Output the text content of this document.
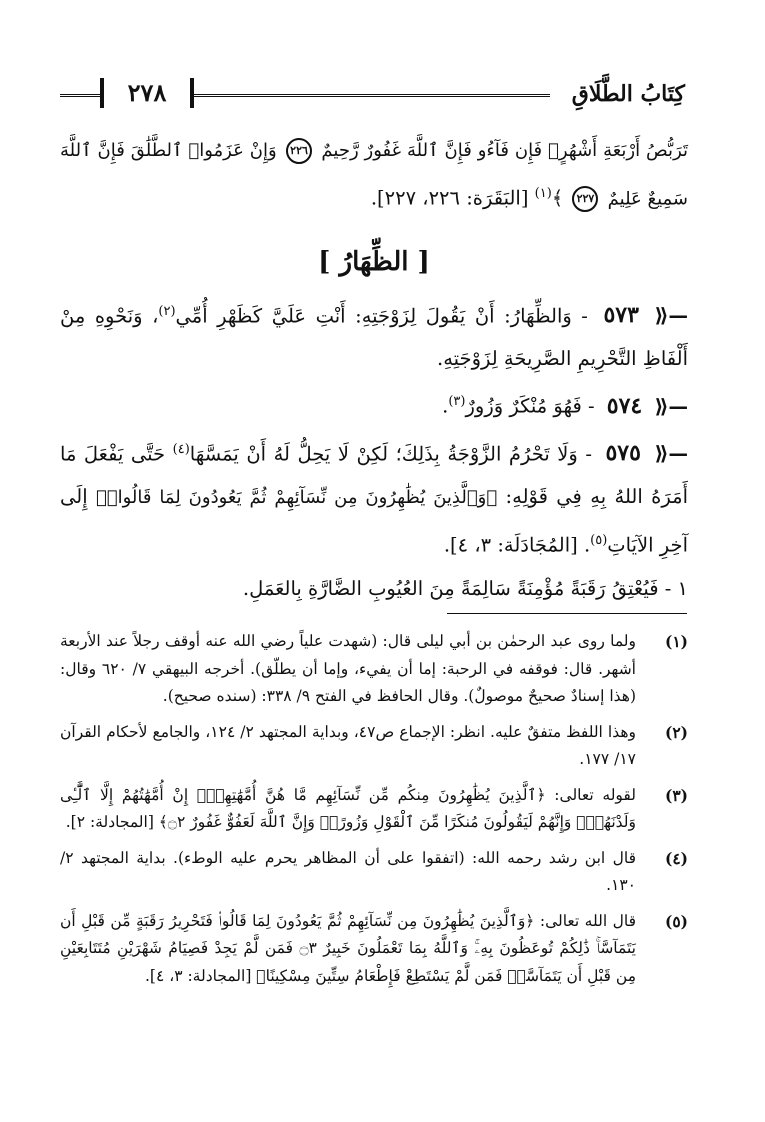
كِتَابُ الطَّلَاقِ
٢٧٨

تَرَبُّصُ أَرْبَعَةِ أَشْهُرٍۖ فَإِن فَآءُو فَإِنَّ ٱللَّهَ غَفُورٌ رَّحِيمٌ ٢٢٦ وَإِنْ عَزَمُوا۟ ٱلطَّلَٰقَ فَإِنَّ ٱللَّهَ سَمِيعٌ عَلِيمٌ ٢٢٧ ﴾$^{(١)}$ [البَقَرَة: ٢٢٦، ٢٢٧].

[ الظِّهَارُ ]

—⟪ ٥٧٣ - وَالظِّهَارُ: أَنْ يَقُولَ لِزَوْجَتِهِ: أَنْتِ عَلَيَّ كَظَهْرِ أُمِّي$^{(٢)}$، وَنَحْوِهِ مِنْ أَلْفَاظِ التَّحْرِيمِ الصَّرِيحَةِ لِزَوْجَتِهِ.

—⟪ ٥٧٤ - فَهُوَ مُنْكَرٌ وَزُورٌ$^{(٣)}$.

—⟪ ٥٧٥ - وَلَا تَحْرُمُ الزَّوْجَةُ بِذَلِكَ؛ لَكِنْ لَا يَحِلُّ لَهُ أَنْ يَمَسَّهَا$^{(٤)}$ حَتَّى يَفْعَلَ مَا أَمَرَهُ اللهُ بِهِ فِي قَوْلِهِ: ﴿وَٱلَّذِينَ يُظَٰهِرُونَ مِن نِّسَآئِهِمْ ثُمَّ يَعُودُونَ لِمَا قَالُوا۟﴾ إِلَى آخِرِ الآيَاتِ$^{(٥)}$. [المُجَادَلَة: ٣، ٤].

١ - فَيُعْتِقُ رَقَبَةً مُؤْمِنَةً سَالِمَةً مِنَ العُيُوبِ الضَّارَّةِ بِالعَمَلِ.

(١)
ولما روى عبد الرحمٰن بن أبي ليلى قال: (شهدت علياً رضي الله عنه أوقف رجلاً عند الأربعة أشهر. قال: فوقفه في الرحبة: إما أن يفيء، وإما أن يطلّق). أخرجه البيهقي ٧/ ٦٢٠ وقال: (هذا إسنادٌ صحيحٌ موصولٌ). وقال الحافظ في الفتح ٩/ ٣٣٨: (سنده صحيح).
(٢)
وهذا اللفظ متفقٌ عليه. انظر: الإجماع ص٤٧، وبداية المجتهد ٢/ ١٢٤، والجامع لأحكام القرآن ١٧/ ١٧٧.
(٣)
لقوله تعالى: ﴿ٱلَّذِينَ يُظَٰهِرُونَ مِنكُم مِّن نِّسَآئِهِم مَّا هُنَّ أُمَّهَٰتِهِمْۖ إِنْ أُمَّهَٰتُهُمْ إِلَّا ٱلَّٰٓـِٔى وَلَدْنَهُمْۚ وَإِنَّهُمْ لَيَقُولُونَ مُنكَرًا مِّنَ ٱلْقَوْلِ وَزُورًاۚ وَإِنَّ ٱللَّهَ لَعَفُوٌّ غَفُورٌ ۝٢﴾ [المجادلة: ٢].
(٤)
قال ابن رشد رحمه الله: (اتفقوا على أن المظاهر يحرم عليه الوطء). بداية المجتهد ٢/ ١٣٠.
(٥)
قال الله تعالى: ﴿وَٱلَّذِينَ يُظَٰهِرُونَ مِن نِّسَآئِهِمْ ثُمَّ يَعُودُونَ لِمَا قَالُوا۟ فَتَحْرِيرُ رَقَبَةٍ مِّن قَبْلِ أَن يَتَمَآسَّاۚ ذَٰلِكُمْ تُوعَظُونَ بِهِۦۚ وَٱللَّهُ بِمَا تَعْمَلُونَ خَبِيرٌ ۝٣ فَمَن لَّمْ يَجِدْ فَصِيَامُ شَهْرَيْنِ مُتَتَابِعَيْنِ مِن قَبْلِ أَن يَتَمَآسَّاۖ فَمَن لَّمْ يَسْتَطِعْ فَإِطْعَامُ سِتِّينَ مِسْكِينًا﴾ [المجادلة: ٣، ٤].
